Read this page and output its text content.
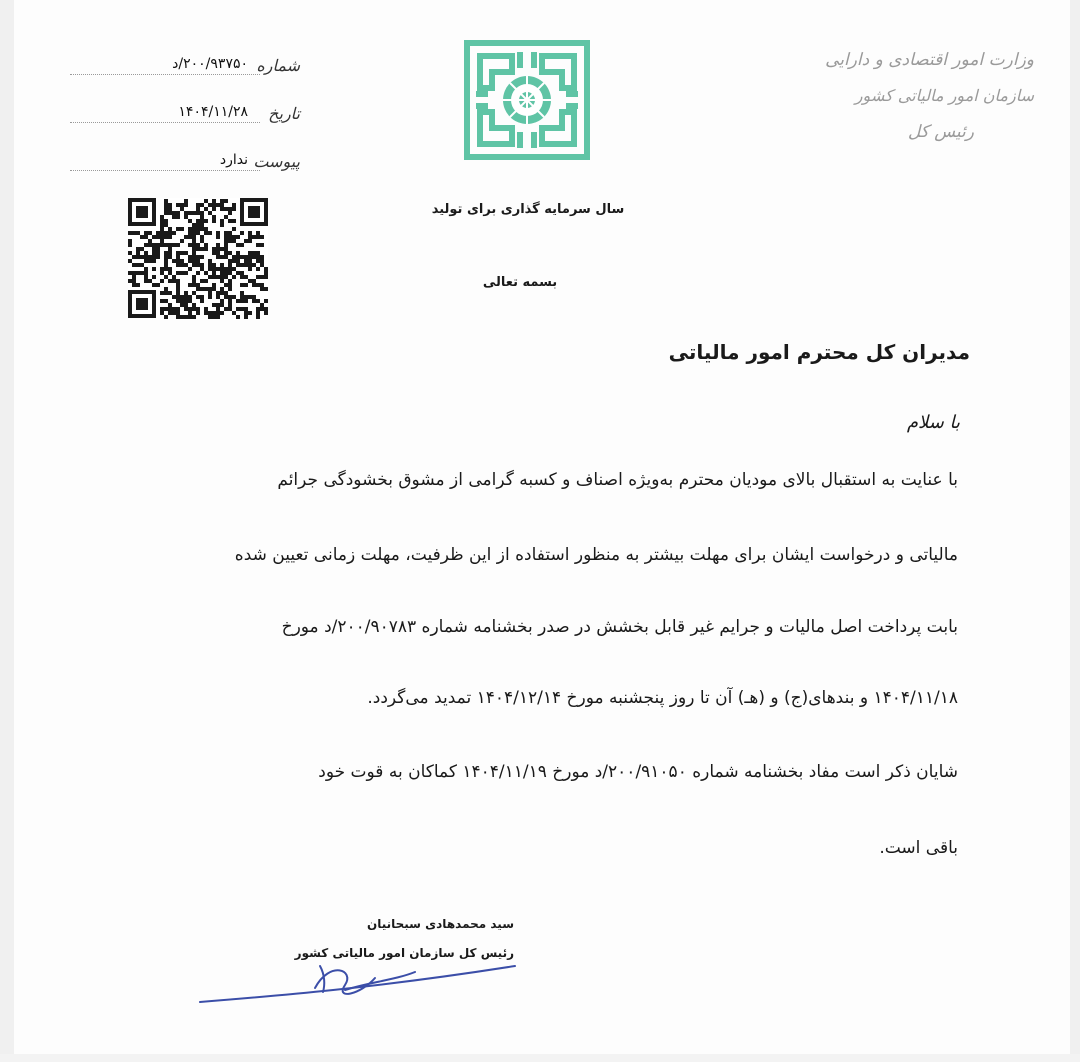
شماره
۲۰۰/۹۳۷۵۰/د
تاریخ
۱۴۰۴/۱۱/۲۸
پیوست
ندارد
سال سرمایه گذاری برای تولید
بسمه تعالی
وزارت امور اقتصادی و دارایی
سازمان امور مالیاتی کشور
رئیس کل
مدیران کل محترم امور مالیاتی
با سلام
با عنایت به استقبال بالای مودیان محترم به‌ویژه اصناف و کسبه گرامی از مشوق بخشودگی جرائم
مالیاتی و درخواست ایشان برای مهلت بیشتر به منظور استفاده از این ظرفیت، مهلت زمانی تعیین شده
بابت پرداخت اصل مالیات و جرایم غیر قابل بخشش در صدر بخشنامه شماره ۲۰۰/۹۰۷۸۳/د مورخ
۱۴۰۴/۱۱/۱۸ و بندهای(ج) و (هـ) آن تا روز پنجشنبه مورخ ۱۴۰۴/۱۲/۱۴ تمدید می‌گردد.
شایان ذکر است مفاد بخشنامه شماره ۲۰۰/۹۱۰۵۰/د مورخ ۱۴۰۴/۱۱/۱۹ کماکان به قوت خود
باقی است.
سید محمدهادی سبحانیان
رئیس کل سازمان امور مالیاتی کشور
